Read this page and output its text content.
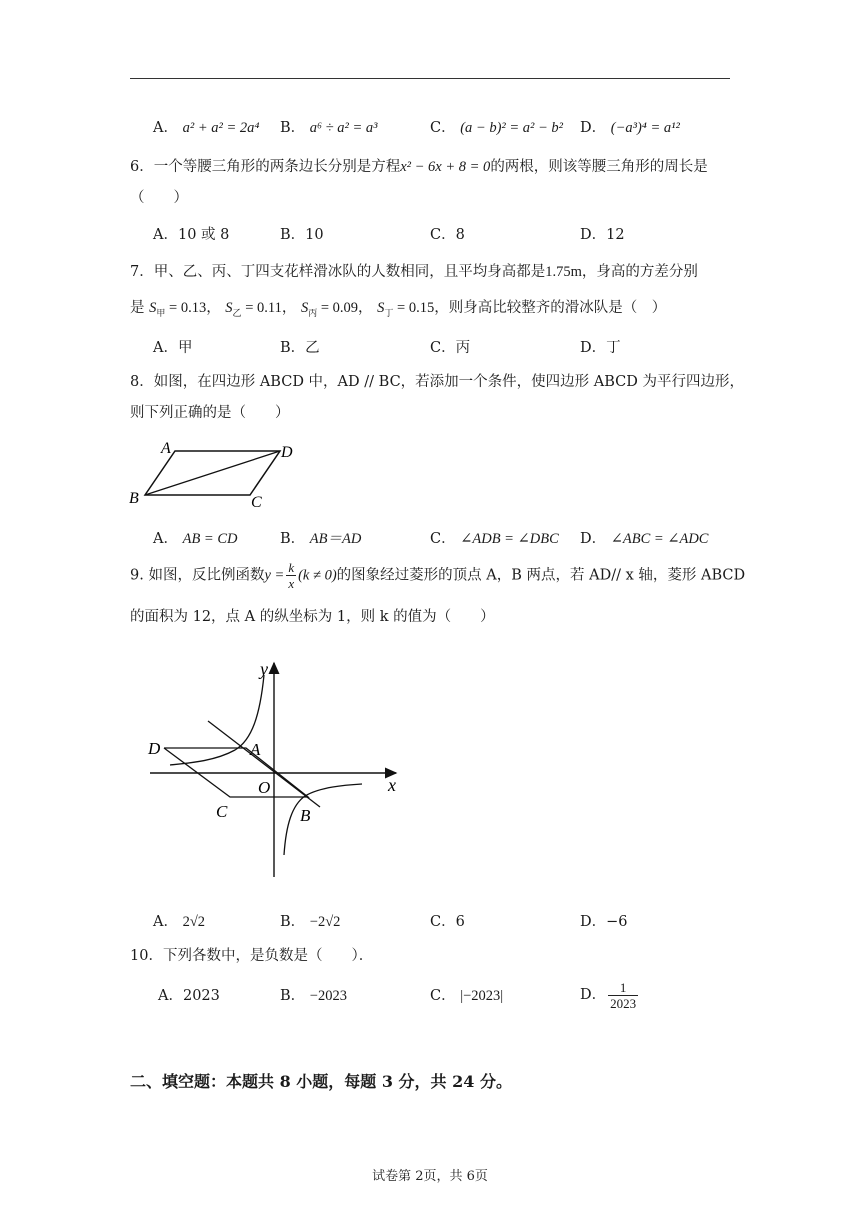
A． a² + a² = 2a⁴ B． a⁶ ÷ a² = a³	C． (a − b)² = a² − b² D． (−a³)⁴ = a¹²
6．一个等腰三角形的两条边长分别是方程x² − 6x + 8 = 0的两根，则该等腰三角形的周长是
（　　）
A．10 或 8	B．10	C．8	D．12
7．甲、乙、丙、丁四支花样滑冰队的人数相同，且平均身高都是1.75m，身高的方差分别
是 $S_甲 = 0.13$， $S_乙 = 0.11$， $S_丙 = 0.09$， $S_丁 = 0.15$，则身高比较整齐的滑冰队是（　）
A．甲	B．乙	C．丙	D．丁
8．如图，在四边形 ABCD 中，AD // BC，若添加一个条件，使四边形 ABCD 为平行四边形，
则下列正确的是（　　）
A	D
B	C
A． AB = CD	B． AB＝AD	C． ∠ADB = ∠DBC D． ∠ABC = ∠ADC
9. 如图，反比例函数$y = \frac{k}{x} (k \ne 0)$的图象经过菱形的顶点 A，B 两点，若 AD// x 轴，菱形 ABCD
的面积为 12，点 A 的纵坐标为 1，则 k 的值为（　　）
y
x
O
A
D
C	B
A． 2√2	B． −2√2	C．6	D．−6
10．下列各数中，是负数是（　　）．
A．2023	B． −2023	C． |−2023|	D． $\frac{1}{2023}$
二、填空题：本题共 8 小题，每题 3 分，共 24 分。
试卷第 2页，共 6页
